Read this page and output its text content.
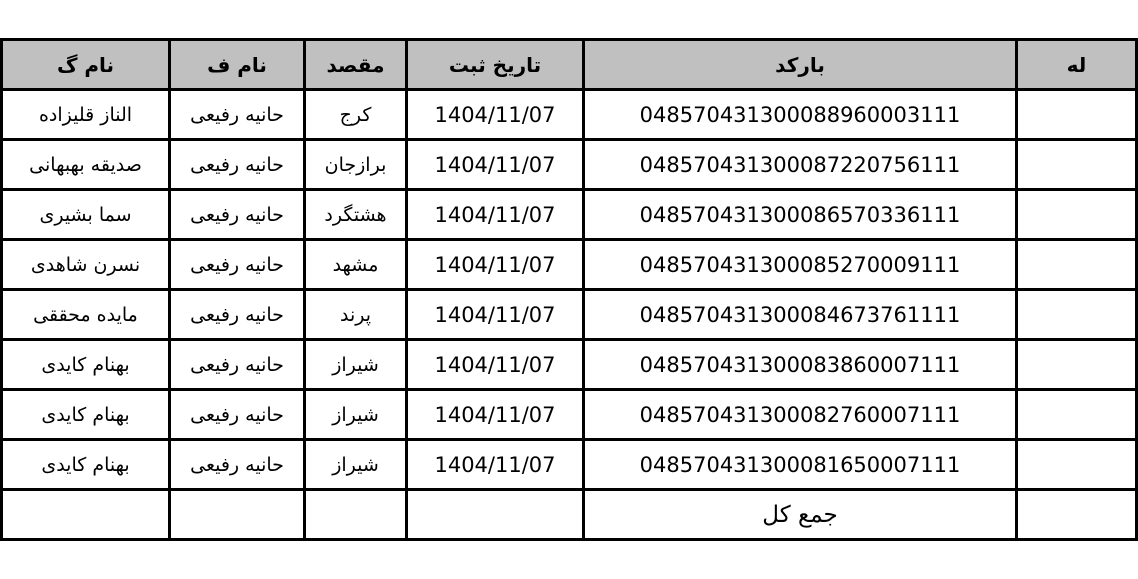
له	بارکد	تاریخ ثبت	مقصد	نام ف	نام گ
	048570431300088960003111	1404/11/07	کرج	حانیه رفیعی	الناز قلیزاده
	048570431300087220756111	1404/11/07	برازجان	حانیه رفیعی	صدیقه بهبهانی
	048570431300086570336111	1404/11/07	هشتگرد	حانیه رفیعی	سما بشیری
	048570431300085270009111	1404/11/07	مشهد	حانیه رفیعی	نسرن شاهدی
	048570431300084673761111	1404/11/07	پرند	حانیه رفیعی	مایده محققی
	048570431300083860007111	1404/11/07	شیراز	حانیه رفیعی	بهنام کایدی
	048570431300082760007111	1404/11/07	شیراز	حانیه رفیعی	بهنام کایدی
	048570431300081650007111	1404/11/07	شیراز	حانیه رفیعی	بهنام کایدی
	جمع کل				
